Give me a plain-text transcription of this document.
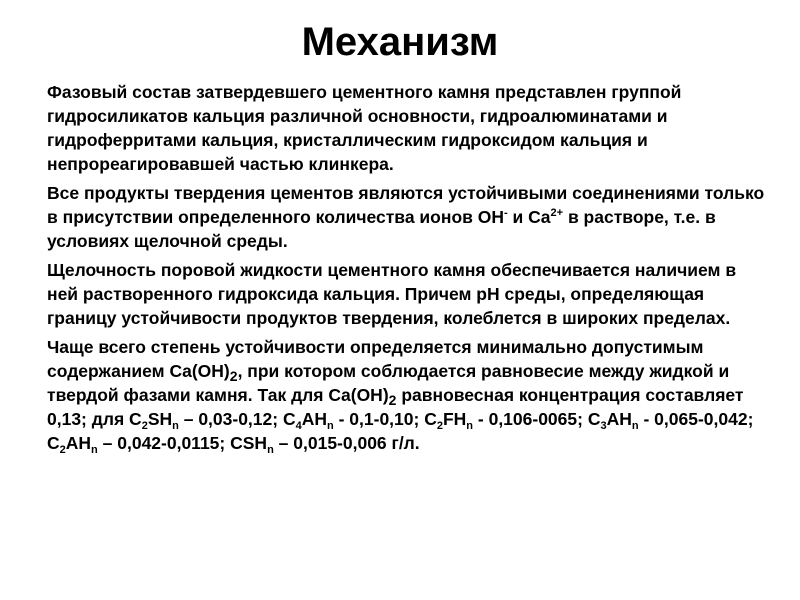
Механизм

Фазовый состав затвердевшего цементного камня представлен группой гидросиликатов кальция различной основности, гидроалюминатами и гидроферритами кальция, кристаллическим гидроксидом кальция и непрореагировавшей частью клинкера.

Все продукты твердения цементов являются устойчивыми соединениями только в присутствии определенного количества ионов OH- и $Ca^{2+}$ в растворе, т.е. в условиях щелочной среды.

Щелочность поровой жидкости цементного камня обеспечивается наличием в ней растворенного гидроксида кальция. Причем pH среды, определяющая границу устойчивости продуктов твердения, колеблется в широких пределах.

Чаще всего степень устойчивости определяется минимально допустимым содержанием $Ca(OH)_2$, при котором соблюдается равновесие между жидкой и твердой фазами камня. Так для $Ca(OH)_2$ равновесная концентрация составляет 0,13; для $C_2SH_n - 0,03-0,12$; $C_4AH_n - 0,1-0,10$; $C_2FH_n - 0,106-0065$; $C_3AH_n - 0,065-0,042$; $C_2AH_n - 0,042-0,0115$; $CSH_n - 0,015-0,006$ г/л.
